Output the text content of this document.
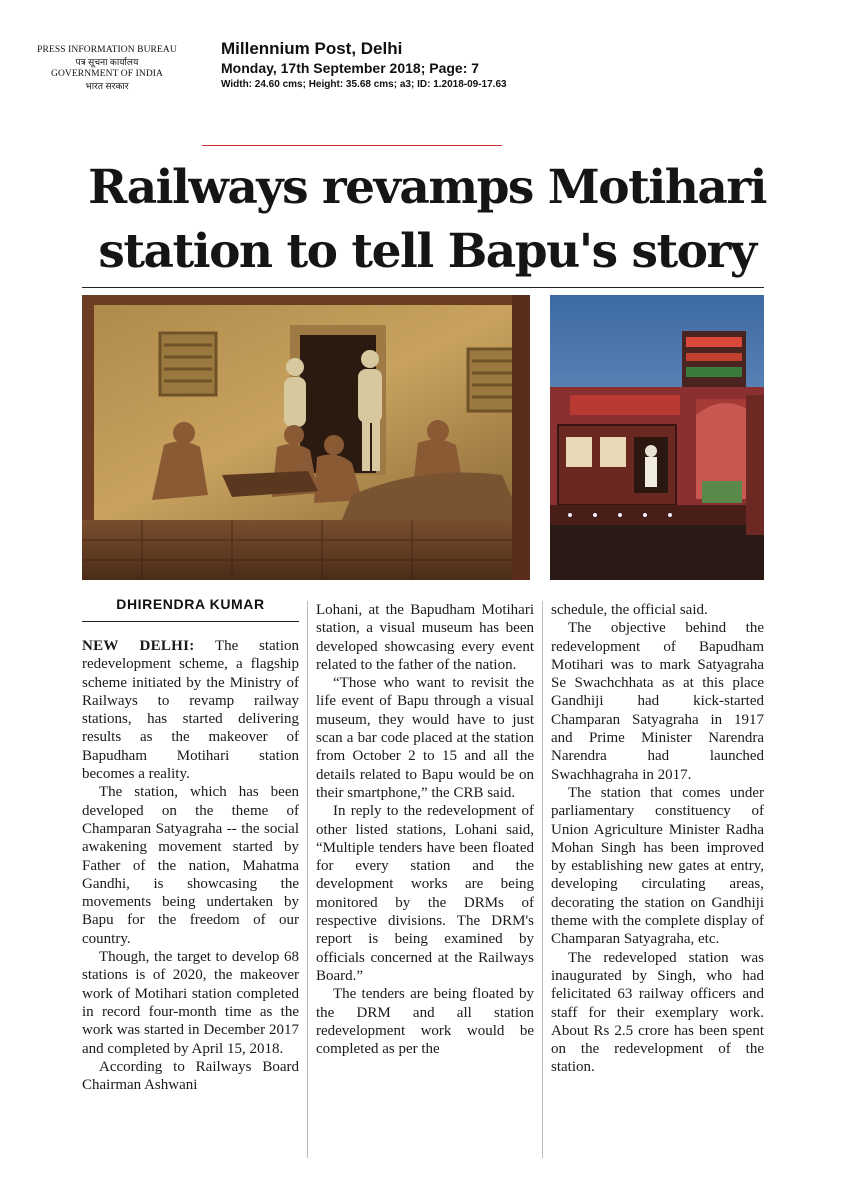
PRESS INFORMATION BUREAU
पत्र सूचना कार्यालय
GOVERNMENT OF INDIA
भारत सरकार
Millennium Post, Delhi
Monday, 17th September 2018; Page: 7
Width: 24.60 cms; Height: 35.68 cms; a3; ID: 1.2018-09-17.63
Railways revamps Motihari
station to tell Bapu's story
DHIRENDRA KUMAR

NEW DELHI: The station redevelopment scheme, a flagship scheme initiated by the Ministry of Railways to revamp railway stations, has started delivering results as the makeover of Bapudham Motihari station becomes a reality.

The station, which has been developed on the theme of Champaran Satyagraha -- the social awakening movement started by Father of the nation, Mahatma Gandhi, is showcasing the movements being undertaken by Bapu for the freedom of our country.

Though, the target to develop 68 stations is of 2020, the makeover work of Motihari station completed in record four-month time as the work was started in December 2017 and completed by April 15, 2018.

According to Railways Board Chairman Ashwani

Lohani, at the Bapudham Motihari station, a visual museum has been developed showcasing every event related to the father of the nation.

“Those who want to revisit the life event of Bapu through a visual museum, they would have to just scan a bar code placed at the station from October 2 to 15 and all the details related to Bapu would be on their smartphone,” the CRB said.

In reply to the redevelopment of other listed stations, Lohani said, “Multiple tenders have been floated for every station and the development works are being monitored by the DRMs of respective divisions. The DRM's report is being examined by officials concerned at the Railways Board.”

The tenders are being floated by the DRM and all station redevelopment work would be completed as per the

schedule, the official said.

The objective behind the redevelopment of Bapudham Motihari was to mark Satyagraha Se Swachchhata as at this place Gandhiji had kick-started Champaran Satyagraha in 1917 and Prime Minister Narendra Narendra had launched Swachhagraha in 2017.

The station that comes under parliamentary constituency of Union Agriculture Minister Radha Mohan Singh has been improved by establishing new gates at entry, developing circulating areas, decorating the station on Gandhiji theme with the complete display of Champaran Satyagraha, etc.

The redeveloped station was inaugurated by Singh, who had felicitated 63 railway officers and staff for their exemplary work. About Rs 2.5 crore has been spent on the redevelopment of the station.
